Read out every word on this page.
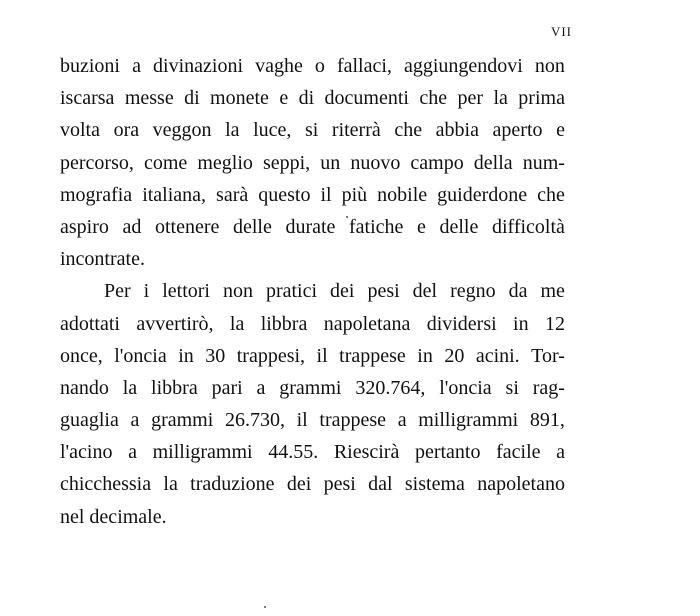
VII
buzioni a divinazioni vaghe o fallaci, aggiungendovi non
iscarsa messe di monete e di documenti che per la prima
volta ora veggon la luce, si riterrà che abbia aperto e
percorso, come meglio seppi, un nuovo campo della num-
mografia italiana, sarà questo il più nobile guiderdone che
aspiro ad ottenere delle durate fatiche e delle difficoltà
incontrate.
Per i lettori non pratici dei pesi del regno da me
adottati avvertirò, la libbra napoletana dividersi in 12
once, l'oncia in 30 trappesi, il trappese in 20 acini. Tor-
nando la libbra pari a grammi 320.764, l'oncia si rag-
guaglia a grammi 26.730, il trappese a milligrammi 891,
l'acino a milligrammi 44.55. Riescirà pertanto facile a
chicchessia la traduzione dei pesi dal sistema napoletano
nel decimale.
